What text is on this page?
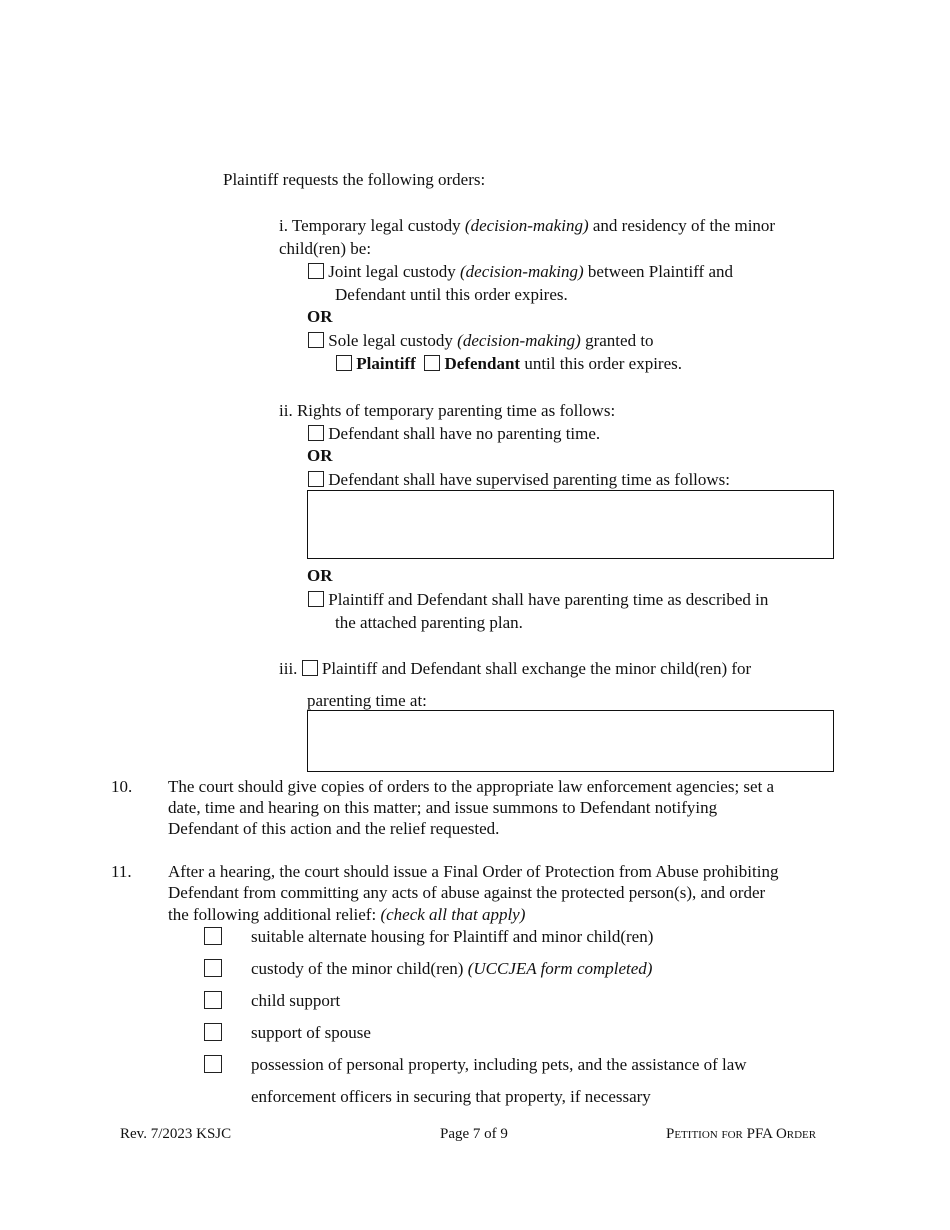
Plaintiff requests the following orders:
i. Temporary legal custody (decision-making) and residency of the minor
child(ren) be:
Joint legal custody (decision-making) between Plaintiff and
Defendant until this order expires.
OR
Sole legal custody (decision-making) granted to
Plaintiff Defendant until this order expires.
ii. Rights of temporary parenting time as follows:
Defendant shall have no parenting time.
OR
Defendant shall have supervised parenting time as follows:
OR
Plaintiff and Defendant shall have parenting time as described in
the attached parenting plan.
iii. Plaintiff and Defendant shall exchange the minor child(ren) for
parenting time at:
10. The court should give copies of orders to the appropriate law enforcement agencies; set a
date, time and hearing on this matter; and issue summons to Defendant notifying
Defendant of this action and the relief requested.
11. After a hearing, the court should issue a Final Order of Protection from Abuse prohibiting
Defendant from committing any acts of abuse against the protected person(s), and order
the following additional relief: (check all that apply)
suitable alternate housing for Plaintiff and minor child(ren)
custody of the minor child(ren) (UCCJEA form completed)
child support
support of spouse
possession of personal property, including pets, and the assistance of law
enforcement officers in securing that property, if necessary
Rev. 7/2023 KSJC	Page 7 of 9	Petition for PFA Order
